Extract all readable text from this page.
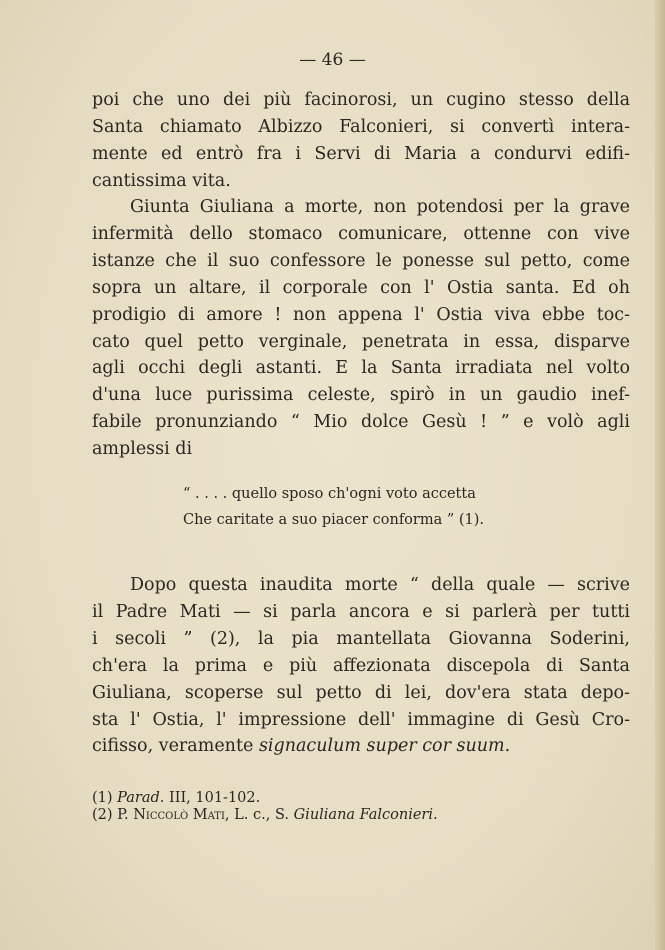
— 46 —
poi che uno dei più facinorosi, un cugino stesso della
Santa chiamato Albizzo Falconieri, si convertì intera-
mente ed entrò fra i Servi di Maria a condurvi edifi-
cantissima vita.
Giunta Giuliana a morte, non potendosi per la grave
infermità dello stomaco comunicare, ottenne con vive
istanze che il suo confessore le ponesse sul petto, come
sopra un altare, il corporale con l' Ostia santa. Ed oh
prodigio di amore ! non appena l' Ostia viva ebbe toc-
cato quel petto verginale, penetrata in essa, disparve
agli occhi degli astanti. E la Santa irradiata nel volto
d'una luce purissima celeste, spirò in un gaudio inef-
fabile pronunziando “ Mio dolce Gesù ! ” e volò agli
amplessi di
Dopo questa inaudita morte “ della quale — scrive
il Padre Mati — si parla ancora e si parlerà per tutti
i secoli ” (2), la pia mantellata Giovanna Soderini,
ch'era la prima e più affezionata discepola di Santa
Giuliana, scoperse sul petto di lei, dov'era stata depo-
sta l' Ostia, l' impressione dell' immagine di Gesù Cro-
“ . . . . quello sposo ch'ogni voto accetta
Che caritate a suo piacer conforma ” (1).
cifisso, veramente signaculum super cor suum.
(1) Parad. III, 101-102.
(2) P. Niccolò Mati, L. c., S. Giuliana Falconieri.
